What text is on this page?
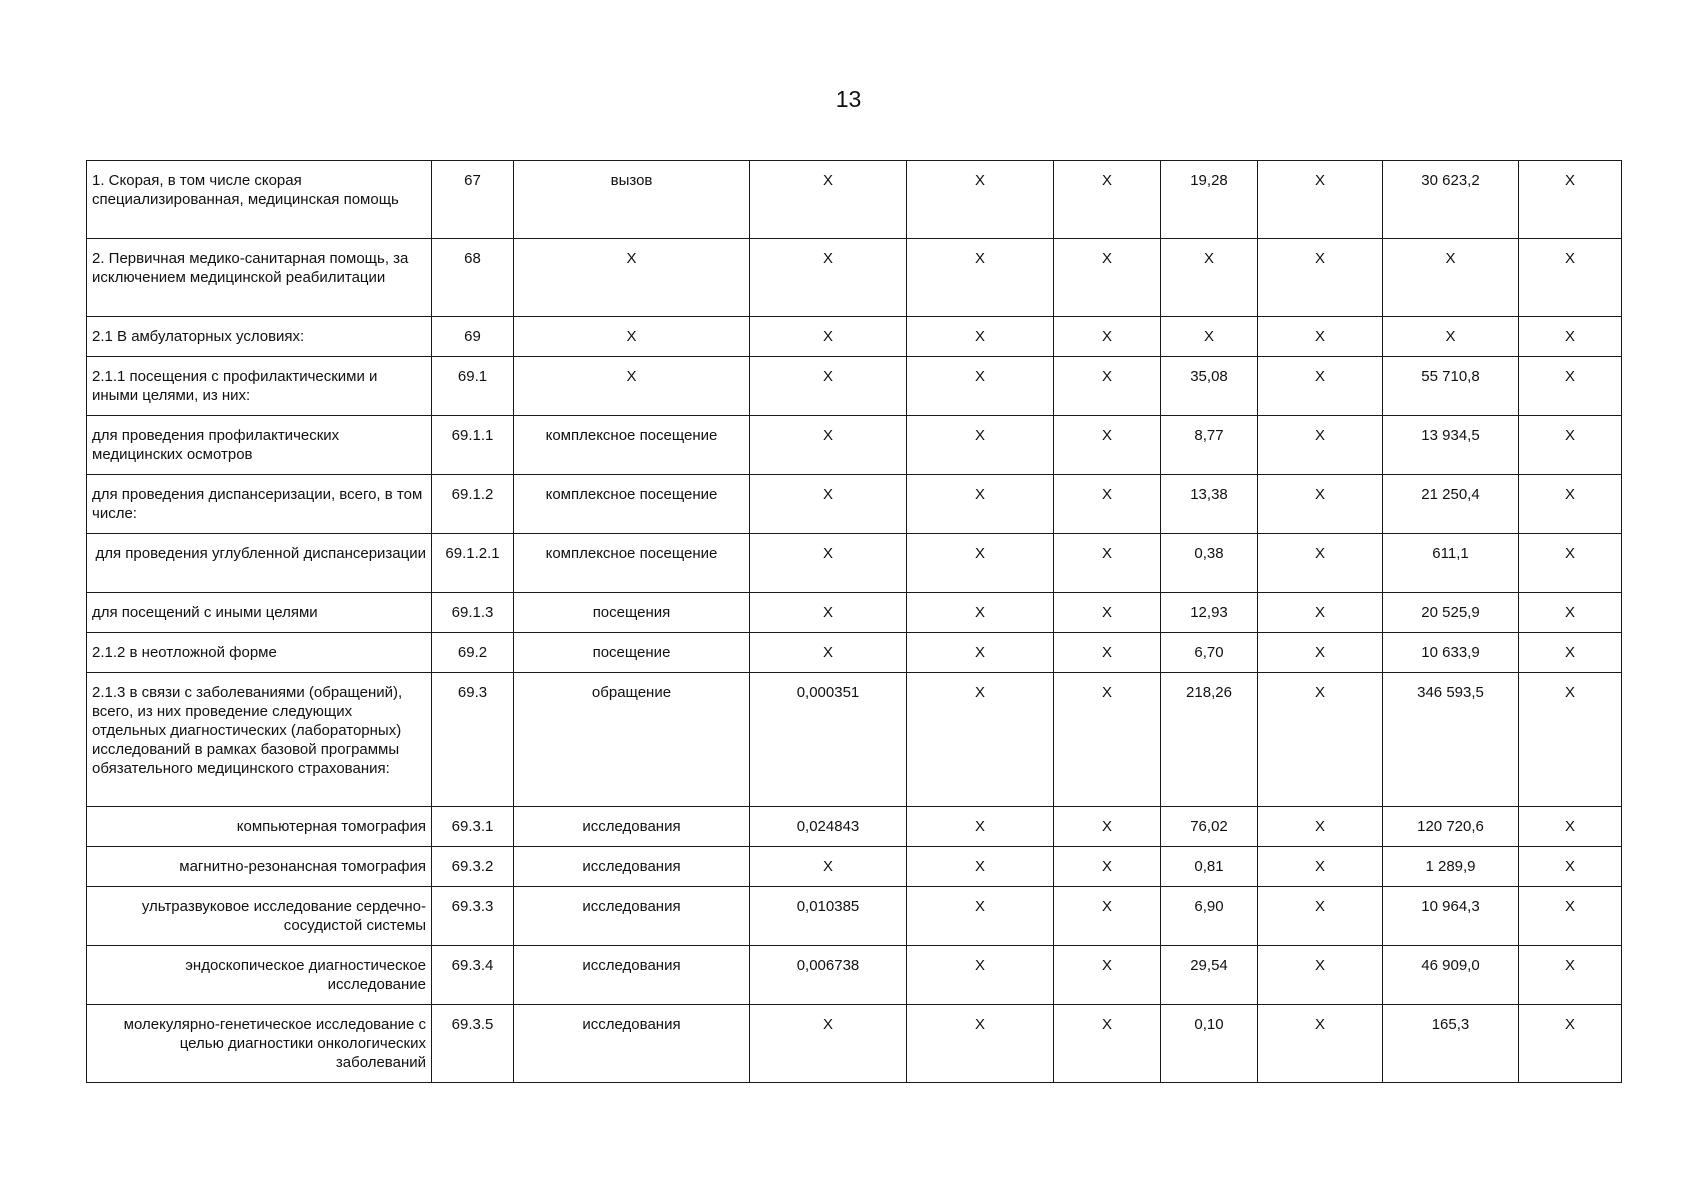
13
1. Скорая, в том числе скорая специализированная, медицинская помощь	67	вызов	X	X	X	19,28	X	30 623,2	X
2. Первичная медико-санитарная помощь, за исключением медицинской реабилитации	68	X	X	X	X	X	X	X	X
2.1 В амбулаторных условиях:	69	X	X	X	X	X	X	X	X
2.1.1 посещения с профилактическими и иными целями, из них:	69.1	X	X	X	X	35,08	X	55 710,8	X
для проведения профилактических медицинских осмотров	69.1.1	комплексное посещение	X	X	X	8,77	X	13 934,5	X
для проведения диспансеризации, всего, в том числе:	69.1.2	комплексное посещение	X	X	X	13,38	X	21 250,4	X
для проведения углубленной диспансеризации	69.1.2.1	комплексное посещение	X	X	X	0,38	X	611,1	X
для посещений с иными целями	69.1.3	посещения	X	X	X	12,93	X	20 525,9	X
2.1.2 в неотложной форме	69.2	посещение	X	X	X	6,70	X	10 633,9	X
2.1.3 в связи с заболеваниями (обращений), всего, из них проведение следующих отдельных диагностических (лабораторных) исследований в рамках базовой программы обязательного медицинского страхования:	69.3	обращение	0,000351	X	X	218,26	X	346 593,5	X
компьютерная томография	69.3.1	исследования	0,024843	X	X	76,02	X	120 720,6	X
магнитно-резонансная томография	69.3.2	исследования	X	X	X	0,81	X	1 289,9	X
ультразвуковое исследование сердечно-сосудистой системы	69.3.3	исследования	0,010385	X	X	6,90	X	10 964,3	X
эндоскопическое диагностическое исследование	69.3.4	исследования	0,006738	X	X	29,54	X	46 909,0	X
молекулярно-генетическое исследование с целью диагностики онкологических заболеваний	69.3.5	исследования	X	X	X	0,10	X	165,3	X
